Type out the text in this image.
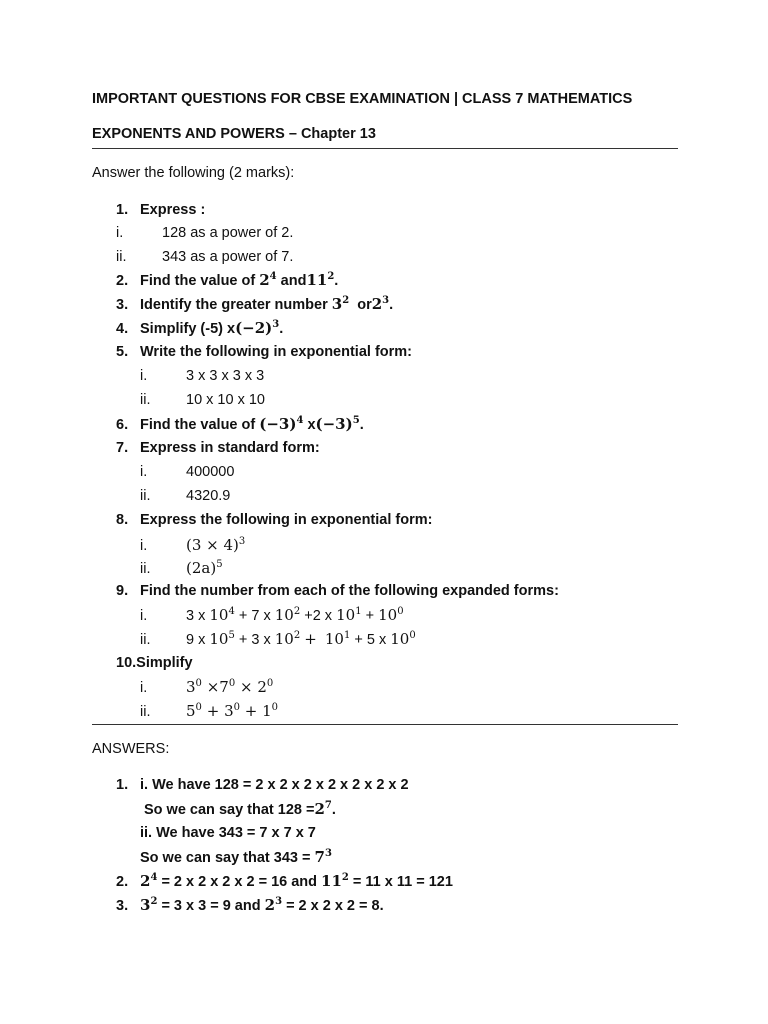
IMPORTANT QUESTIONS FOR CBSE EXAMINATION | CLASS 7 MATHEMATICS
EXPONENTS AND POWERS – Chapter 13
Answer the following (2 marks):
1. Express :
i.	128 as a power of 2.
ii. 343 as a power of 7.
2. Find the value of $2^4$ $and11^2$.
3. Identify the greater number $3^2$ $or2^3$.
4. Simplify (-5) $x(-2)^3$.
5. Write the following in exponential form:
i.	3 x 3 x 3 x 3
ii. 10 x 10 x 10
6. Find the value of $(-3)^4$ $x(-3)^5$.
7. Express in standard form:
i.	400000
ii. 4320.9
8. Express the following in exponential form:
i.	$(3 \times 4)^3$
ii. $(2a)^5$
9. Find the number from each of the following expanded forms:
i.	3 x $10^4 + 7$ x $10^2 +2$ x $10^1 + 10^0$
ii. 9 x $10^5 + 3$ x $10^2 + 10^1 + 5$ x $10^0$
10.Simplify
i.	$3^0 \times 7^0 \times 2^0$
ii. $5^0 + 3^0 + 1^0$
ANSWERS:
1. i. We have 128 = 2 x 2 x 2 x 2 x 2 x 2 x 2
So we can say that $128 =2^7$.
ii. We have 343 = 7 x 7 x 7
So we can say that $343 = 7^3$
2. $2^4 = 2$ x 2 x 2 x 2 = 16 and $11^2 = 11$ x 11 = 121
3. $3^2 = 3$ x 3 = 9 and $2^3 = 2$ x 2 x 2 = 8.
